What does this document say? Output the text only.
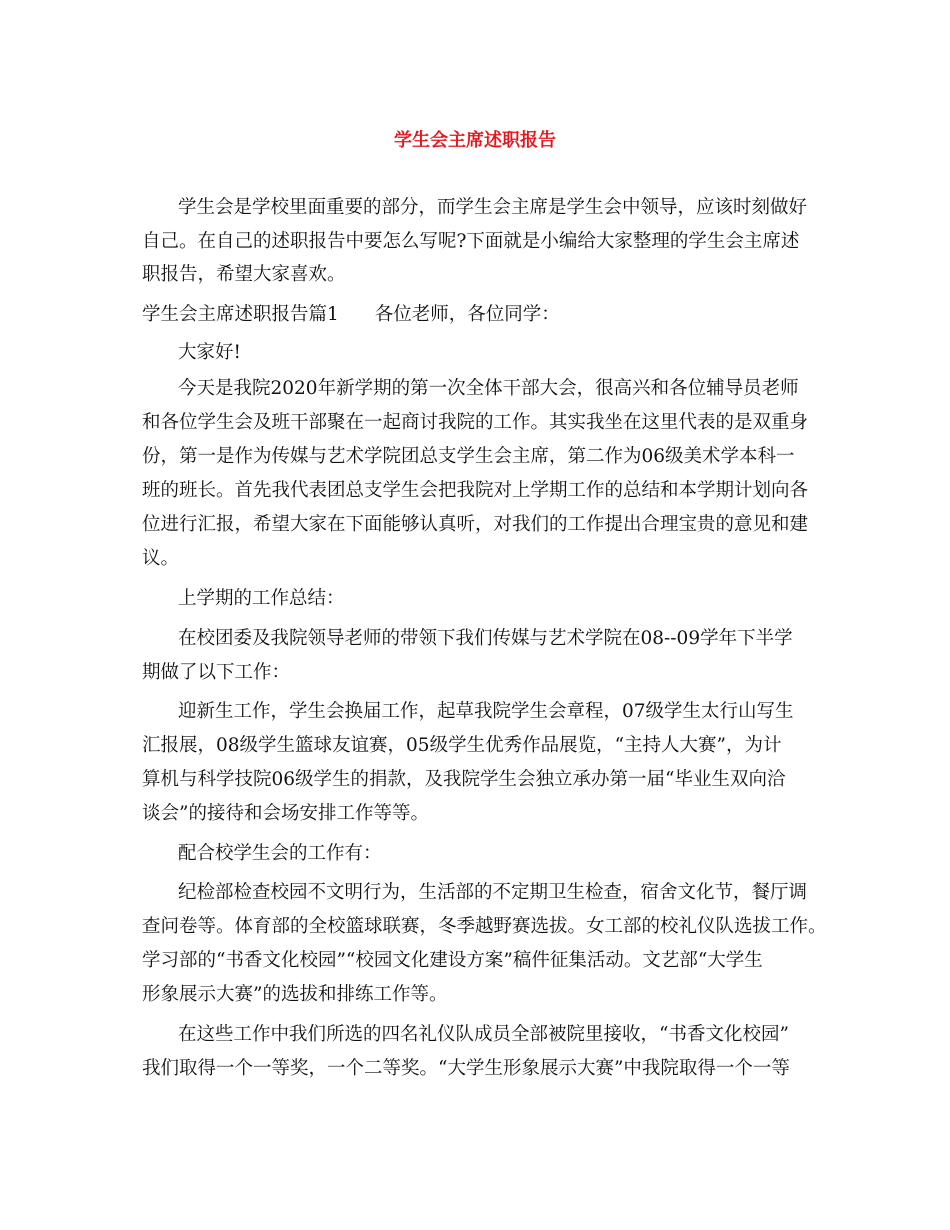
学生会主席述职报告
学生会是学校里面重要的部分，而学生会主席是学生会中领导，应该时刻做好
自己。在自己的述职报告中要怎么写呢?下面就是小编给大家整理的学生会主席述
职报告，希望大家喜欢。
学生会主席述职报告篇1 各位老师，各位同学：
大家好!
今天是我院2020年新学期的第一次全体干部大会，很高兴和各位辅导员老师
和各位学生会及班干部聚在一起商讨我院的工作。其实我坐在这里代表的是双重身
份，第一是作为传媒与艺术学院团总支学生会主席，第二作为06级美术学本科一
班的班长。首先我代表团总支学生会把我院对上学期工作的总结和本学期计划向各
位进行汇报，希望大家在下面能够认真听，对我们的工作提出合理宝贵的意见和建
议。
上学期的工作总结：
在校团委及我院领导老师的带领下我们传媒与艺术学院在08--09学年下半学
期做了以下工作：
迎新生工作，学生会换届工作，起草我院学生会章程，07级学生太行山写生
汇报展，08级学生篮球友谊赛，05级学生优秀作品展览，“主持人大赛”，为计
算机与科学技院06级学生的捐款，及我院学生会独立承办第一届“毕业生双向洽
谈会”的接待和会场安排工作等等。
配合校学生会的工作有：
纪检部检查校园不文明行为，生活部的不定期卫生检查，宿舍文化节，餐厅调
查问卷等。体育部的全校篮球联赛，冬季越野赛选拔。女工部的校礼仪队选拔工作。
学习部的“书香文化校园”“校园文化建设方案”稿件征集活动。文艺部“大学生
形象展示大赛”的选拔和排练工作等。
在这些工作中我们所选的四名礼仪队成员全部被院里接收，“书香文化校园”
我们取得一个一等奖，一个二等奖。“大学生形象展示大赛”中我院取得一个一等
